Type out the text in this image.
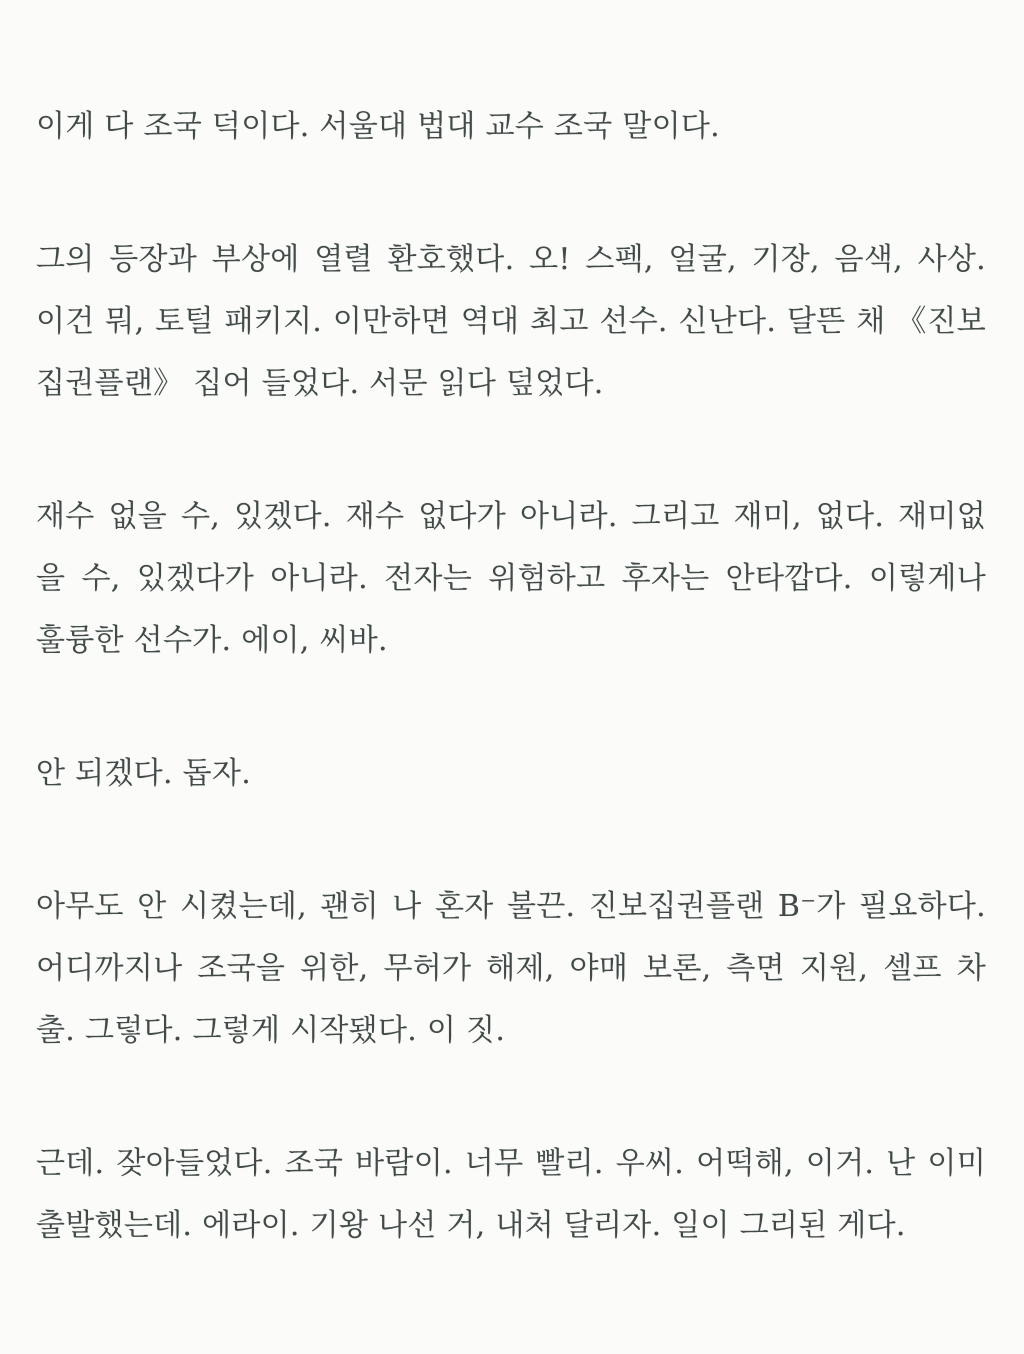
이게 다 조국 덕이다. 서울대 법대 교수 조국 말이다.
그의 등장과 부상에 열렬 환호했다. 오! 스펙, 얼굴, 기장, 음색, 사상.
이건 뭐, 토털 패키지. 이만하면 역대 최고 선수. 신난다. 달뜬 채 《진보
집권플랜》 집어 들었다. 서문 읽다 덮었다.
재수 없을 수, 있겠다. 재수 없다가 아니라. 그리고 재미, 없다. 재미없
을 수, 있겠다가 아니라. 전자는 위험하고 후자는 안타깝다. 이렇게나
훌륭한 선수가. 에이, 씨바.
안 되겠다. 돕자.
아무도 안 시켰는데, 괜히 나 혼자 불끈. 진보집권플랜 B⁻가 필요하다.
어디까지나 조국을 위한, 무허가 해제, 야매 보론, 측면 지원, 셀프 차
출. 그렇다. 그렇게 시작됐다. 이 짓.
근데. 잦아들었다. 조국 바람이. 너무 빨리. 우씨. 어떡해, 이거. 난 이미
출발했는데. 에라이. 기왕 나선 거, 내처 달리자. 일이 그리된 게다.
